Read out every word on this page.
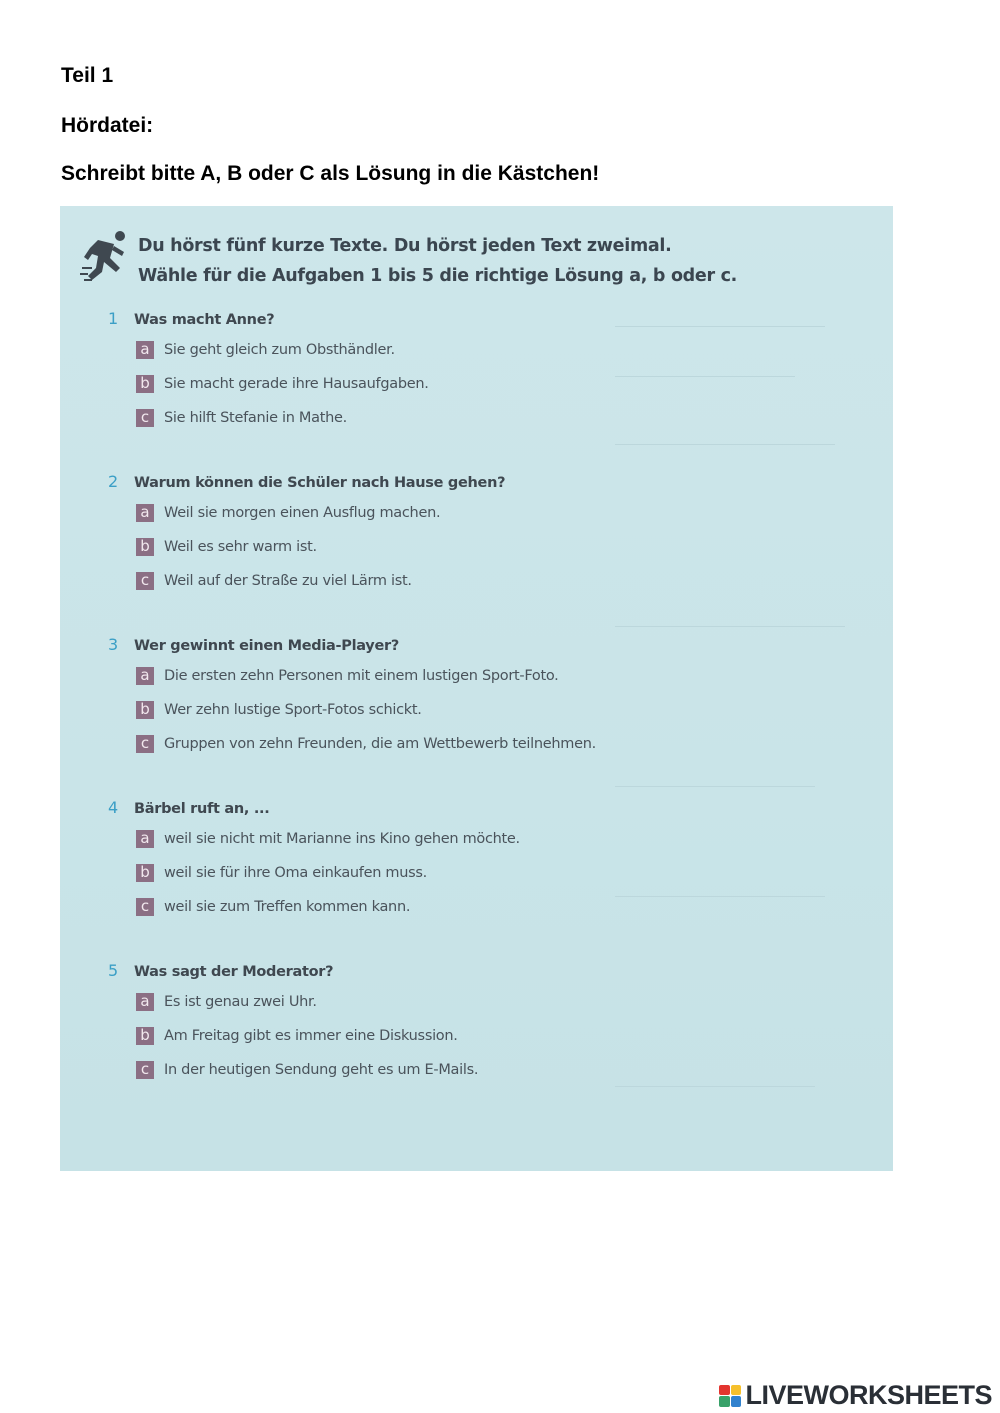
Teil 1
Hördatei:
Schreibt bitte A, B oder C als Lösung in die Kästchen!
Du hörst fünf kurze Texte. Du hörst jeden Text zweimal.
Wähle für die Aufgaben 1 bis 5 die richtige Lösung a, b oder c.
1	Was macht Anne?
a Sie geht gleich zum Obsthändler.
b Sie macht gerade ihre Hausaufgaben.
c	Sie hilft Stefanie in Mathe.
2	Warum können die Schüler nach Hause gehen?
a Weil sie morgen einen Ausflug machen.
b Weil es sehr warm ist.
c	Weil auf der Straße zu viel Lärm ist.
3	Wer gewinnt einen Media-Player?
a Die ersten zehn Personen mit einem lustigen Sport-Foto.
b Wer zehn lustige Sport-Fotos schickt.
c	Gruppen von zehn Freunden, die am Wettbewerb teilnehmen.
4	Bärbel ruft an, ...
a weil sie nicht mit Marianne ins Kino gehen möchte.
b weil sie für ihre Oma einkaufen muss.
c	weil sie zum Treffen kommen kann.
5	Was sagt der Moderator?
a Es ist genau zwei Uhr.
b Am Freitag gibt es immer eine Diskussion.
c	In der heutigen Sendung geht es um E-Mails.
LIVEWORKSHEETS
